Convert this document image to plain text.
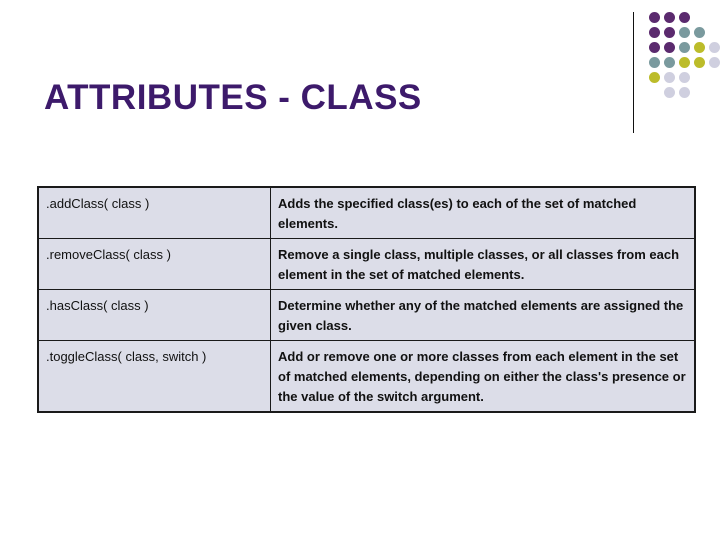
ATTRIBUTES - CLASS
.addClass( class )	Adds the specified class(es) to each of the set of matched elements.
.removeClass( class )	Remove a single class, multiple classes, or all classes from each element in the set of matched elements.
.hasClass( class )	Determine whether any of the matched elements are assigned the given class.
.toggleClass( class, switch )	Add or remove one or more classes from each element in the set of matched elements, depending on either the class's presence or the value of the switch argument.
